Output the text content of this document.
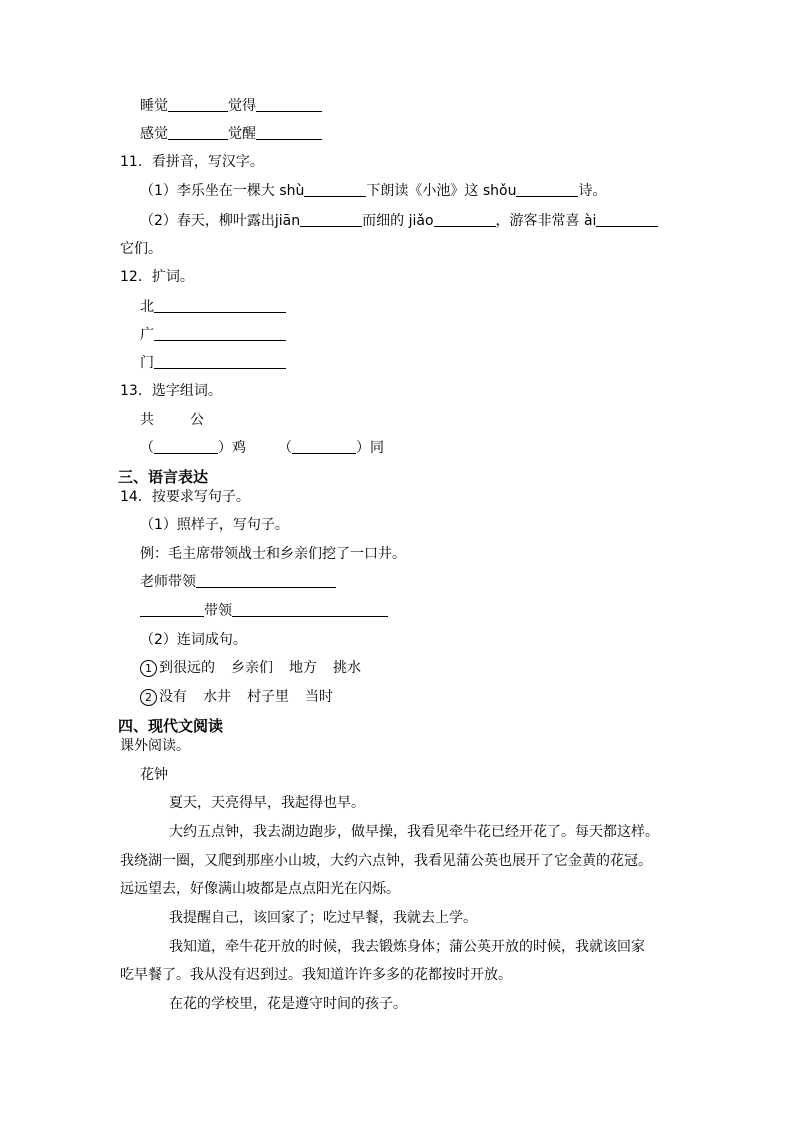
睡觉	觉得
感觉	觉醒
11．看拼音，写汉字。
（1）李乐坐在一棵大 shù	下朗读《小池》这 shǒu	诗。
（2）春天，柳叶露出jiān	而细的 jiǎo	，游客非常喜 ài
它们。
12．扩词。
北
广
门
13．选字组词。
共	公
（	）鸡 （	）同
三、语言表达
14．按要求写句子。
（1）照样子，写句子。
例：毛主席带领战士和乡亲们挖了一口井。
老师带领
带领
（2）连词成句。
1 到很远的 乡亲们 地方 挑水
2 没有 水井 村子里 当时
四、现代文阅读
课外阅读。
花钟
夏天，天亮得早，我起得也早。
大约五点钟，我去湖边跑步，做早操，我看见牵牛花已经开花了。每天都这样。
我绕湖一圈，又爬到那座小山坡，大约六点钟，我看见蒲公英也展开了它金黄的花冠。
远远望去，好像满山坡都是点点阳光在闪烁。
我提醒自己，该回家了；吃过早餐，我就去上学。
我知道，牵牛花开放的时候，我去锻炼身体；蒲公英开放的时候，我就该回家
吃早餐了。我从没有迟到过。我知道许许多多的花都按时开放。
在花的学校里，花是遵守时间的孩子。
